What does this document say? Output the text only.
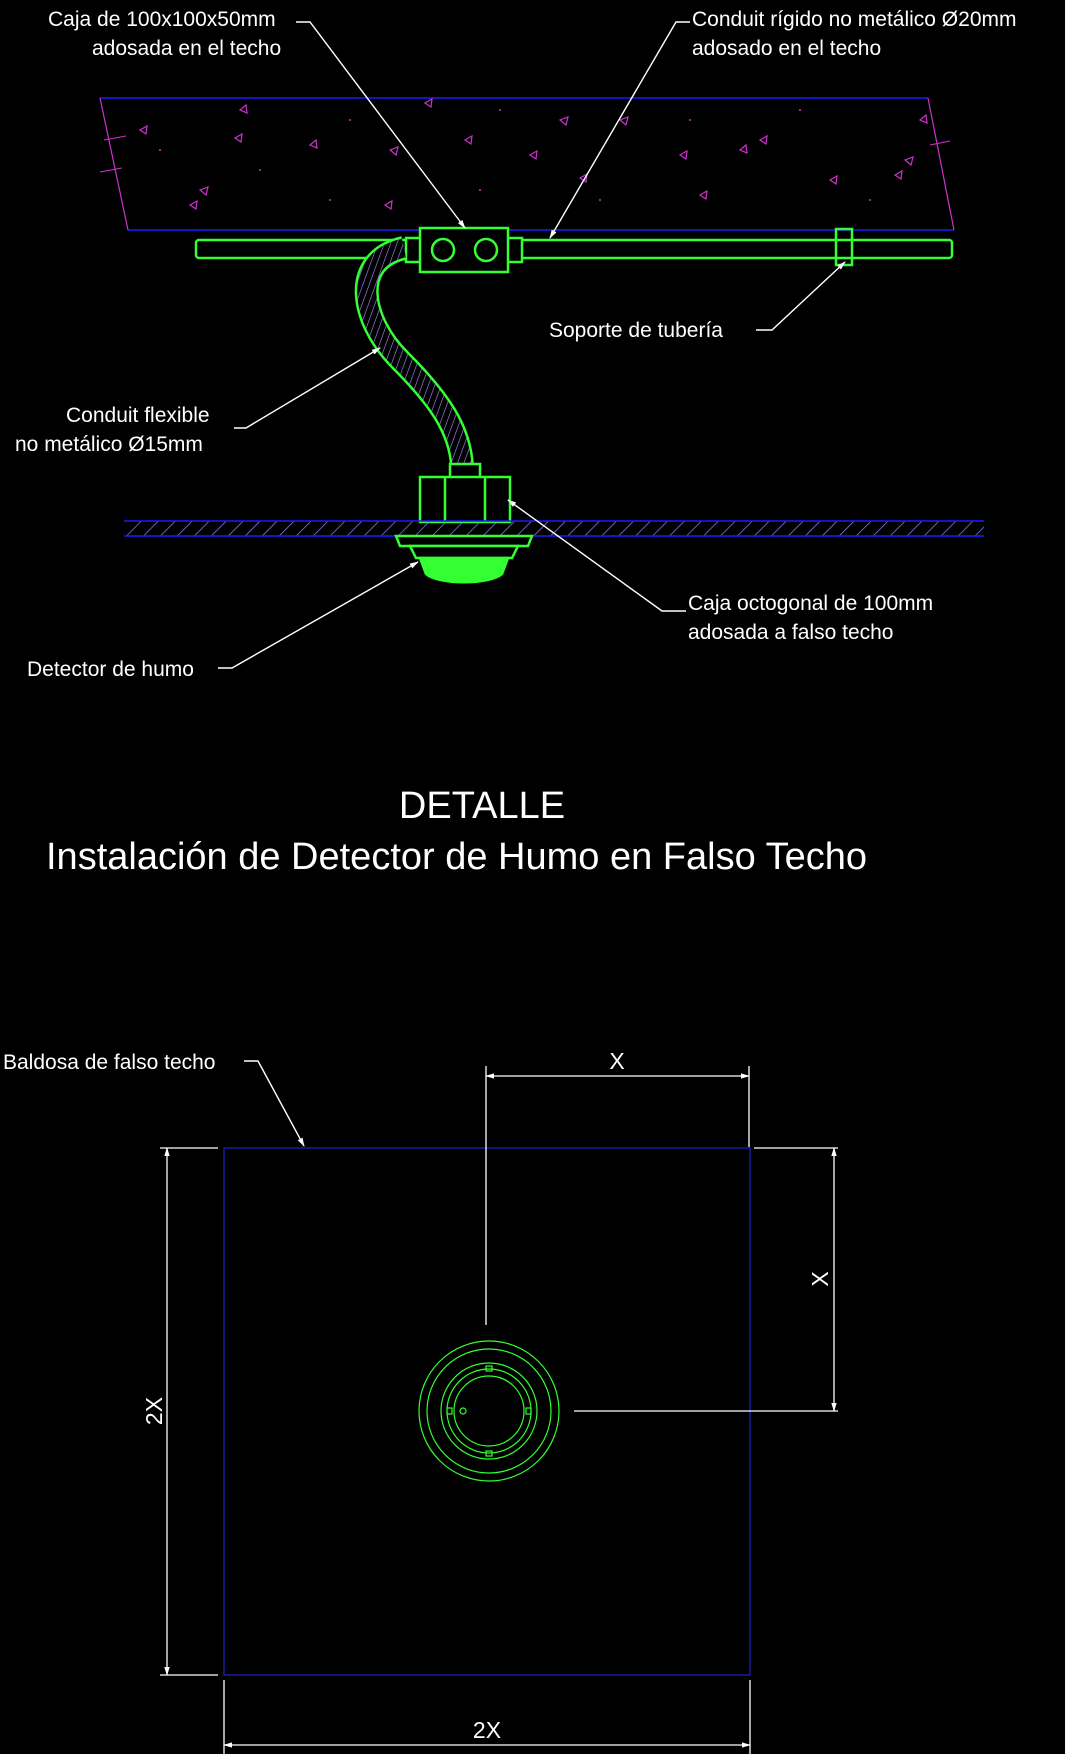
Caja de 100x100x50mm
adosada en el techo
Conduit rígido no metálico Ø20mm
adosado en el techo
Soporte de tubería
Conduit flexible
no metálico Ø15mm
Caja octogonal de 100mm
adosada a falso techo
Detector de humo
DETALLE
Instalación de Detector de Humo en Falso Techo
Baldosa de falso techo	X
X
2X
2X
